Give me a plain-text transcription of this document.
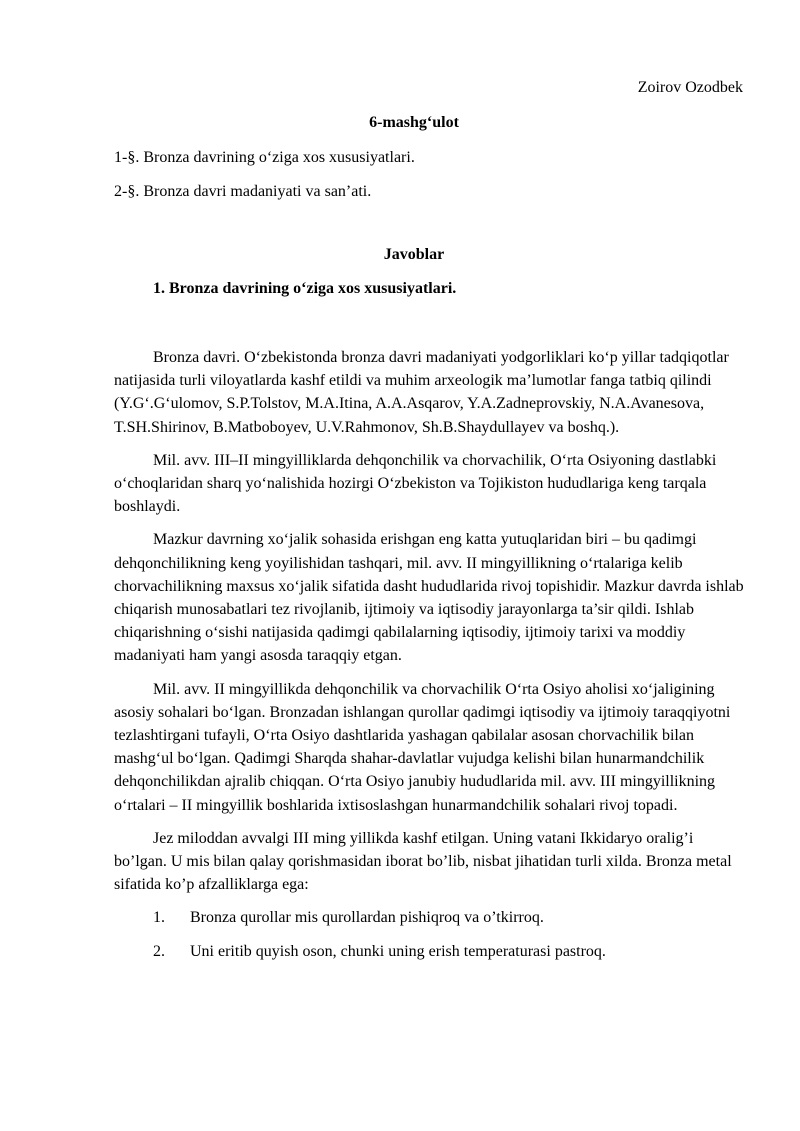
Zoirov Ozodbek
6-mashg‘ulot
1-§. Bronza davrining o‘ziga xos xususiyatlari.
2-§. Bronza davri madaniyati va san’ati.
Javoblar
1. Bronza davrining o‘ziga xos xususiyatlari.

Bronza davri. O‘zbekistonda bronza davri madaniyati yodgorliklari ko‘p yillar tadqiqotlar natijasida turli viloyatlarda kashf etildi va muhim arxeologik ma’lumotlar fanga tatbiq qilindi (Y.G‘.G‘ulomov, S.P.Tolstov, M.A.Itina, A.A.Asqarov, Y.A.Zadneprovskiy, N.A.Avanesova, T.SH.Shirinov, B.Matboboyev, U.V.Rahmonov, Sh.B.Shaydullayev va boshq.).

Mil. avv. III–II mingyilliklarda dehqonchilik va chorvachilik, O‘rta Osiyoning dastlabki o‘choqlaridan sharq yo‘nalishida hozirgi O‘zbekiston va Tojikiston hududlariga keng tarqala boshlaydi.

Mazkur davrning xo‘jalik sohasida erishgan eng katta yutuqlaridan biri – bu qadimgi dehqonchilikning keng yoyilishidan tashqari, mil. avv. II mingyillikning o‘rtalariga kelib chorvachilikning maxsus xo‘jalik sifatida dasht hududlarida rivoj topishidir. Mazkur davrda ishlab chiqarish munosabatlari tez rivojlanib, ijtimoiy va iqtisodiy jarayonlarga ta’sir qildi. Ishlab chiqarishning o‘sishi natijasida qadimgi qabilalarning iqtisodiy, ijtimoiy tarixi va moddiy madaniyati ham yangi asosda taraqqiy etgan.

Mil. avv. II mingyillikda dehqonchilik va chorvachilik O‘rta Osiyo aholisi xo‘jaligining asosiy sohalari bo‘lgan. Bronzadan ishlangan qurollar qadimgi iqtisodiy va ijtimoiy taraqqiyotni tezlashtirgani tufayli, O‘rta Osiyo dashtlarida yashagan qabilalar asosan chorvachilik bilan mashg‘ul bo‘lgan. Qadimgi Sharqda shahar-davlatlar vujudga kelishi bilan hunarmandchilik dehqonchilikdan ajralib chiqqan. O‘rta Osiyo janubiy hududlarida mil. avv. III mingyillikning o‘rtalari – II mingyillik boshlarida ixtisoslashgan hunarmandchilik sohalari rivoj topadi.

Jez miloddan avvalgi III ming yillikda kashf etilgan. Uning vatani Ikkidaryo oralig’i bo’lgan. U mis bilan qalay qorishmasidan iborat bo’lib, nisbat jihatidan turli xilda. Bronza metal sifatida ko’p afzalliklarga ega:

1.	Bronza qurollar mis qurollardan pishiqroq va o’tkirroq.
2.	Uni eritib quyish oson, chunki uning erish temperaturasi pastroq.
